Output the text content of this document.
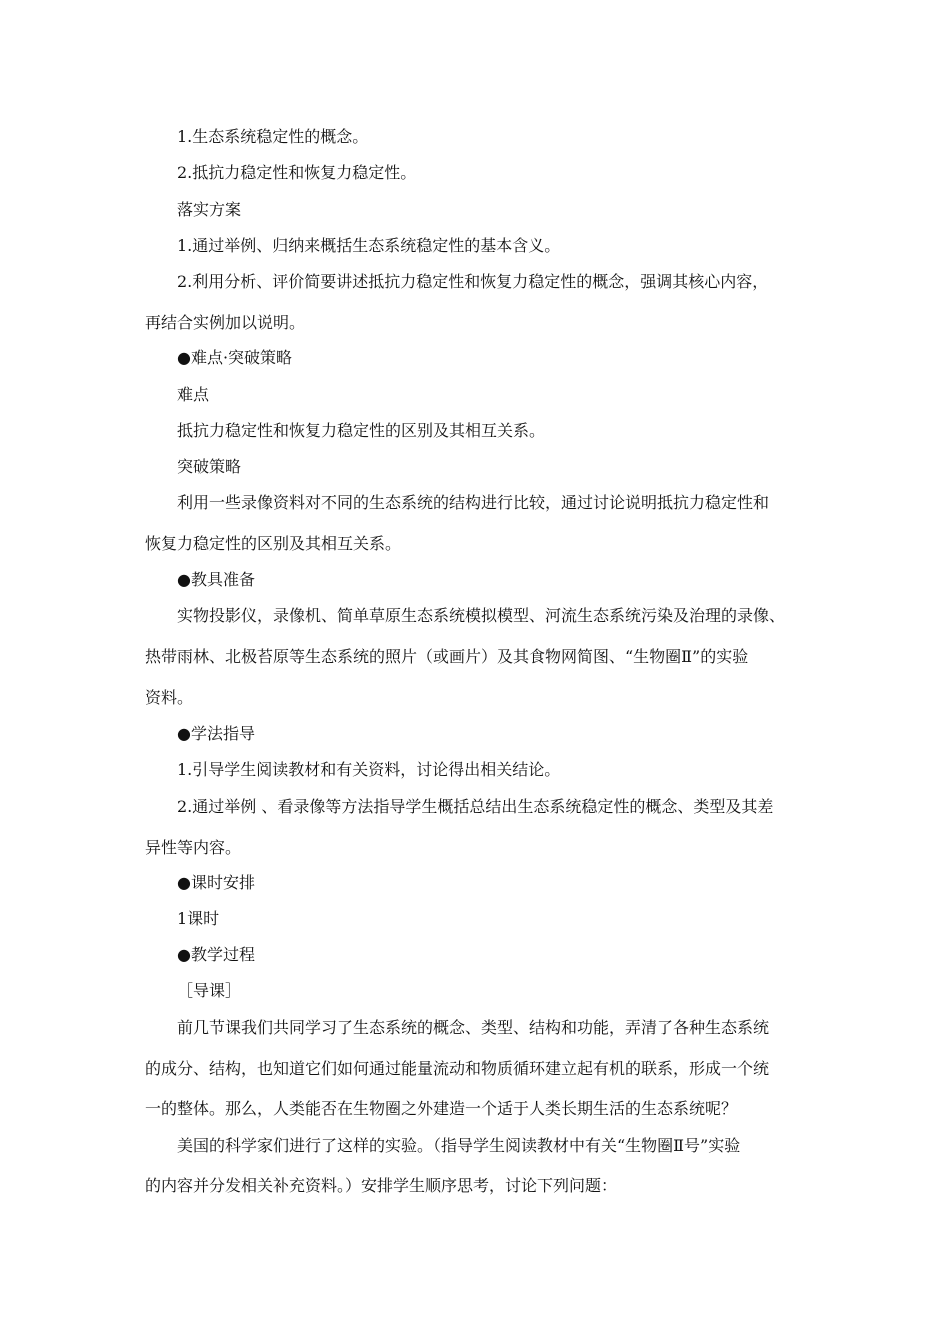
1.生态系统稳定性的概念。
2.抵抗力稳定性和恢复力稳定性。
落实方案
1.通过举例、归纳来概括生态系统稳定性的基本含义。
2.利用分析、评价简要讲述抵抗力稳定性和恢复力稳定性的概念，强调其核心内容，
再结合实例加以说明。
●难点·突破策略
难点
抵抗力稳定性和恢复力稳定性的区别及其相互关系。
突破策略
利用一些录像资料对不同的生态系统的结构进行比较，通过讨论说明抵抗力稳定性和
恢复力稳定性的区别及其相互关系。
●教具准备
实物投影仪，录像机、简单草原生态系统模拟模型、河流生态系统污染及治理的录像、
热带雨林、北极苔原等生态系统的照片（或画片）及其食物网简图、“生物圈Ⅱ”的实验
资料。
●学法指导
1.引导学生阅读教材和有关资料，讨论得出相关结论。
2.通过举例 、看录像等方法指导学生概括总结出生态系统稳定性的概念、类型及其差
异性等内容。
●课时安排
1课时
●教学过程
［导课］
前几节课我们共同学习了生态系统的概念、类型、结构和功能，弄清了各种生态系统
的成分、结构，也知道它们如何通过能量流动和物质循环建立起有机的联系，形成一个统
一的整体。那么，人类能否在生物圈之外建造一个适于人类长期生活的生态系统呢？
美国的科学家们进行了这样的实验。（指导学生阅读教材中有关“生物圈Ⅱ号”实验
的内容并分发相关补充资料。）安排学生顺序思考，讨论下列问题：
